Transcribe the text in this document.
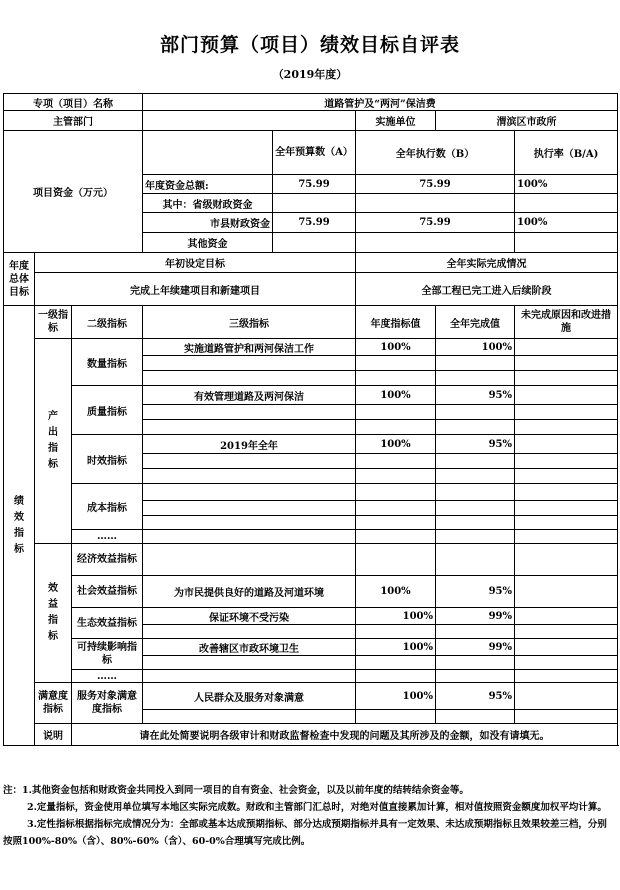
部门预算（项目）绩效目标自评表
（2019年度）
专项（项目）名称			道路管护及“两河”保洁费				
主管部门					实施单位	渭滨区市政所	
项目资金（万元）				全年预算数（A）	全年执行数（B）		执行率（B/A)
			年度资金总额:	75.99	75.99		100%
			其中：省级财政资金				
			市县财政资金	75.99	75.99		100%
			其他资金				
年度总体目标	年初设定目标				全年实际完成情况		
	完成上年续建项目和新建项目				全部工程已完工进入后续阶段		

绩效指标	一级指标	二级指标	三级指标		年度指标值	全年完成值	未完成原因和改进措施

	产出指标	数量指标	实施道路管护和两河保洁工作		100%	100%	

		质量指标	有效管理道路及两河保洁		100%	95%	

		时效指标	2019年全年		100%	95%	

		成本指标					

		……					

	效益指标	经济效益指标					
		社会效益指标	为市民提供良好的道路及河道环境		100%	95%	
		生态效益指标	保证环境不受污染		100%	99%	

		可持续影响指标	改善辖区市政环境卫生		100%	99%	

		……					
	满意度指标	服务对象满意度指标	人民群众及服务对象满意		100%	95%	

	说明	请在此处简要说明各级审计和财政监督检查中发现的问题及其所涉及的金额，如没有请填无。					

注：1.其他资金包括和财政资金共同投入到同一项目的自有资金、社会资金，以及以前年度的结转结余资金等。

2.定量指标，资金使用单位填写本地区实际完成数。财政和主管部门汇总时，对绝对值直接累加计算，相对值按照资金额度加权平均计算。

3.定性指标根据指标完成情况分为：全部或基本达成预期指标、部分达成预期指标并具有一定效果、未达成预期指标且效果较差三档，分别按照100%-80%（含）、80%-60%（含）、60-0%合理填写完成比例。
